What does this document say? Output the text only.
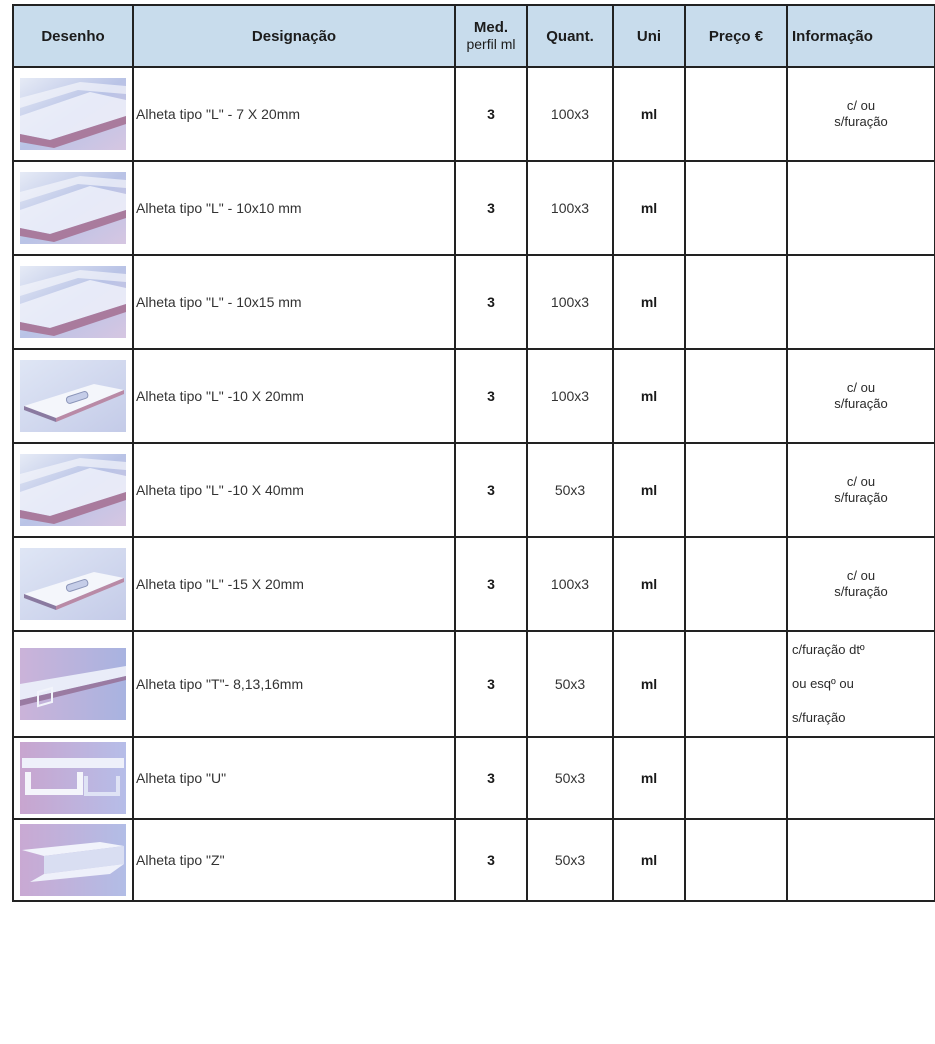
Desenho	Designação	Med.
perfil ml	Quant.	Uni	Preço €	Informação

	Alheta tipo "L" - 7 X 20mm	3	100x3	ml		c/ ou
s/furação

	Alheta tipo "L" - 10x10 mm	3	100x3	ml		

	Alheta tipo "L" - 10x15 mm	3	100x3	ml		

	Alheta tipo "L" -10 X 20mm	3	100x3	ml		c/ ou
s/furação

	Alheta tipo "L" -10 X 40mm	3	50x3	ml		c/ ou
s/furação

	Alheta tipo "L" -15 X 20mm	3	100x3	ml		c/ ou
s/furação

	Alheta tipo "T"- 8,13,16mm	3	50x3	ml		c/furação dtº
ou esqº ou
s/furação

	Alheta tipo "U"	3	50x3	ml		

	Alheta tipo "Z"	3	50x3	ml		
